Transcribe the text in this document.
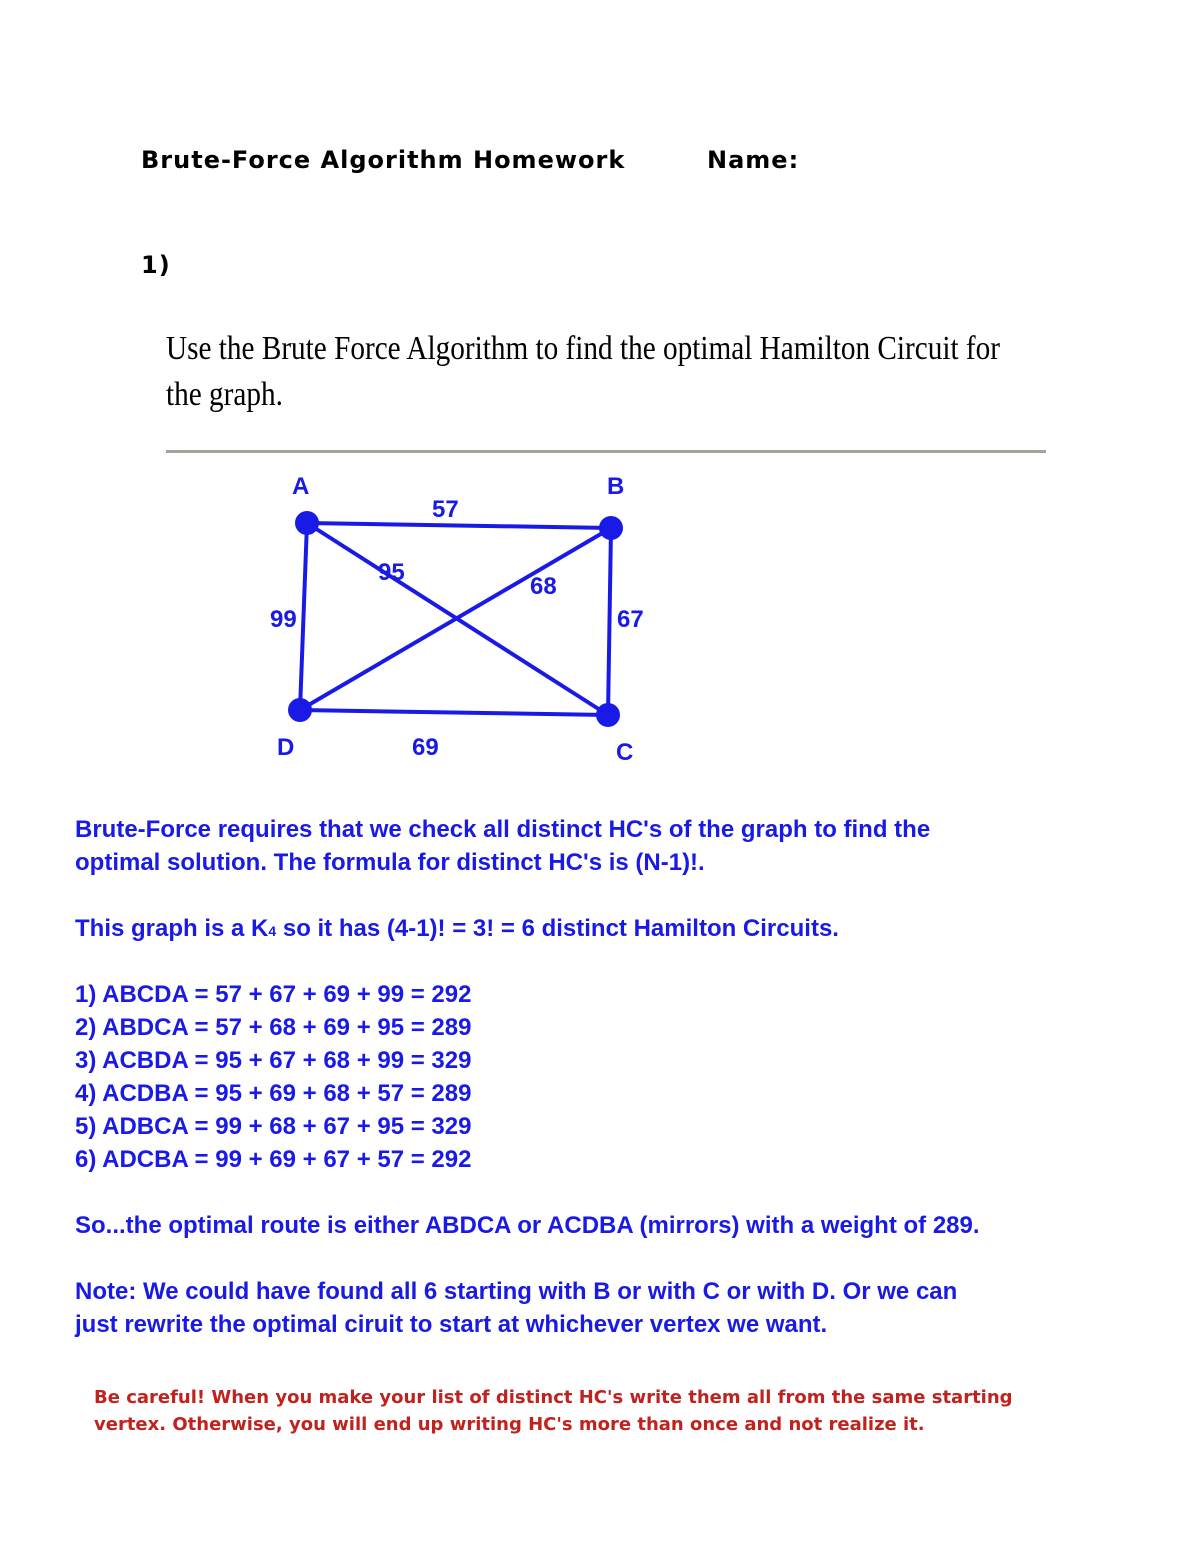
Brute-Force Algorithm Homework	Name:
1)
Use the Brute Force Algorithm to find the optimal Hamilton Circuit for
the graph.
A	B
C
D
57
67
69
99
95
68
Brute-Force requires that we check all distinct HC's of the graph to find the
optimal solution. The formula for distinct HC's is (N-1)!.
This graph is a K4 so it has (4-1)! = 3! = 6 distinct Hamilton Circuits.
1) ABCDA = 57 + 67 + 69 + 99 = 292
2) ABDCA = 57 + 68 + 69 + 95 = 289
3) ACBDA = 95 + 67 + 68 + 99 = 329
4) ACDBA = 95 + 69 + 68 + 57 = 289
5) ADBCA = 99 + 68 + 67 + 95 = 329
6) ADCBA = 99 + 69 + 67 + 57 = 292
So...the optimal route is either ABDCA or ACDBA (mirrors) with a weight of 289.
Note: We could have found all 6 starting with B or with C or with D. Or we can
just rewrite the optimal ciruit to start at whichever vertex we want.
Be careful! When you make your list of distinct HC's write them all from the same starting
vertex. Otherwise, you will end up writing HC's more than once and not realize it.
